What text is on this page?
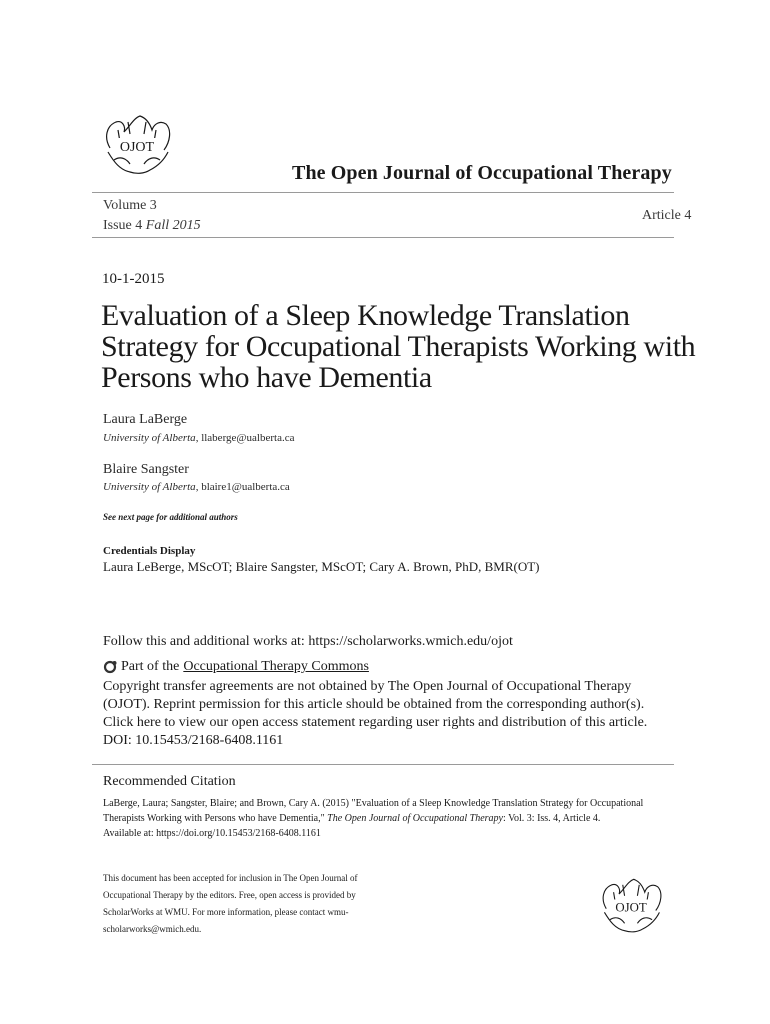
OJOT
The Open Journal of Occupational Therapy
Volume 3
Issue 4 Fall 2015
Article 4
10-1-2015
Evaluation of a Sleep Knowledge Translation Strategy for Occupational Therapists Working with Persons who have Dementia
Laura LaBerge
University of Alberta, llaberge@ualberta.ca
Blaire Sangster
University of Alberta, blaire1@ualberta.ca
See next page for additional authors
Credentials Display
Laura LeBerge, MScOT; Blaire Sangster, MScOT; Cary A. Brown, PhD, BMR(OT)
Follow this and additional works at: https://scholarworks.wmich.edu/ojot
Part of the Occupational Therapy Commons
Copyright transfer agreements are not obtained by The Open Journal of Occupational Therapy
(OJOT). Reprint permission for this article should be obtained from the corresponding author(s).
Click here to view our open access statement regarding user rights and distribution of this article.
DOI: 10.15453/2168-6408.1161
Recommended Citation
LaBerge, Laura; Sangster, Blaire; and Brown, Cary A. (2015) "Evaluation of a Sleep Knowledge Translation Strategy for Occupational
Therapists Working with Persons who have Dementia," The Open Journal of Occupational Therapy: Vol. 3: Iss. 4, Article 4.
Available at: https://doi.org/10.15453/2168-6408.1161
This document has been accepted for inclusion in The Open Journal of
Occupational Therapy by the editors. Free, open access is provided by
ScholarWorks at WMU. For more information, please contact wmu-
scholarworks@wmich.edu.
OJOT
